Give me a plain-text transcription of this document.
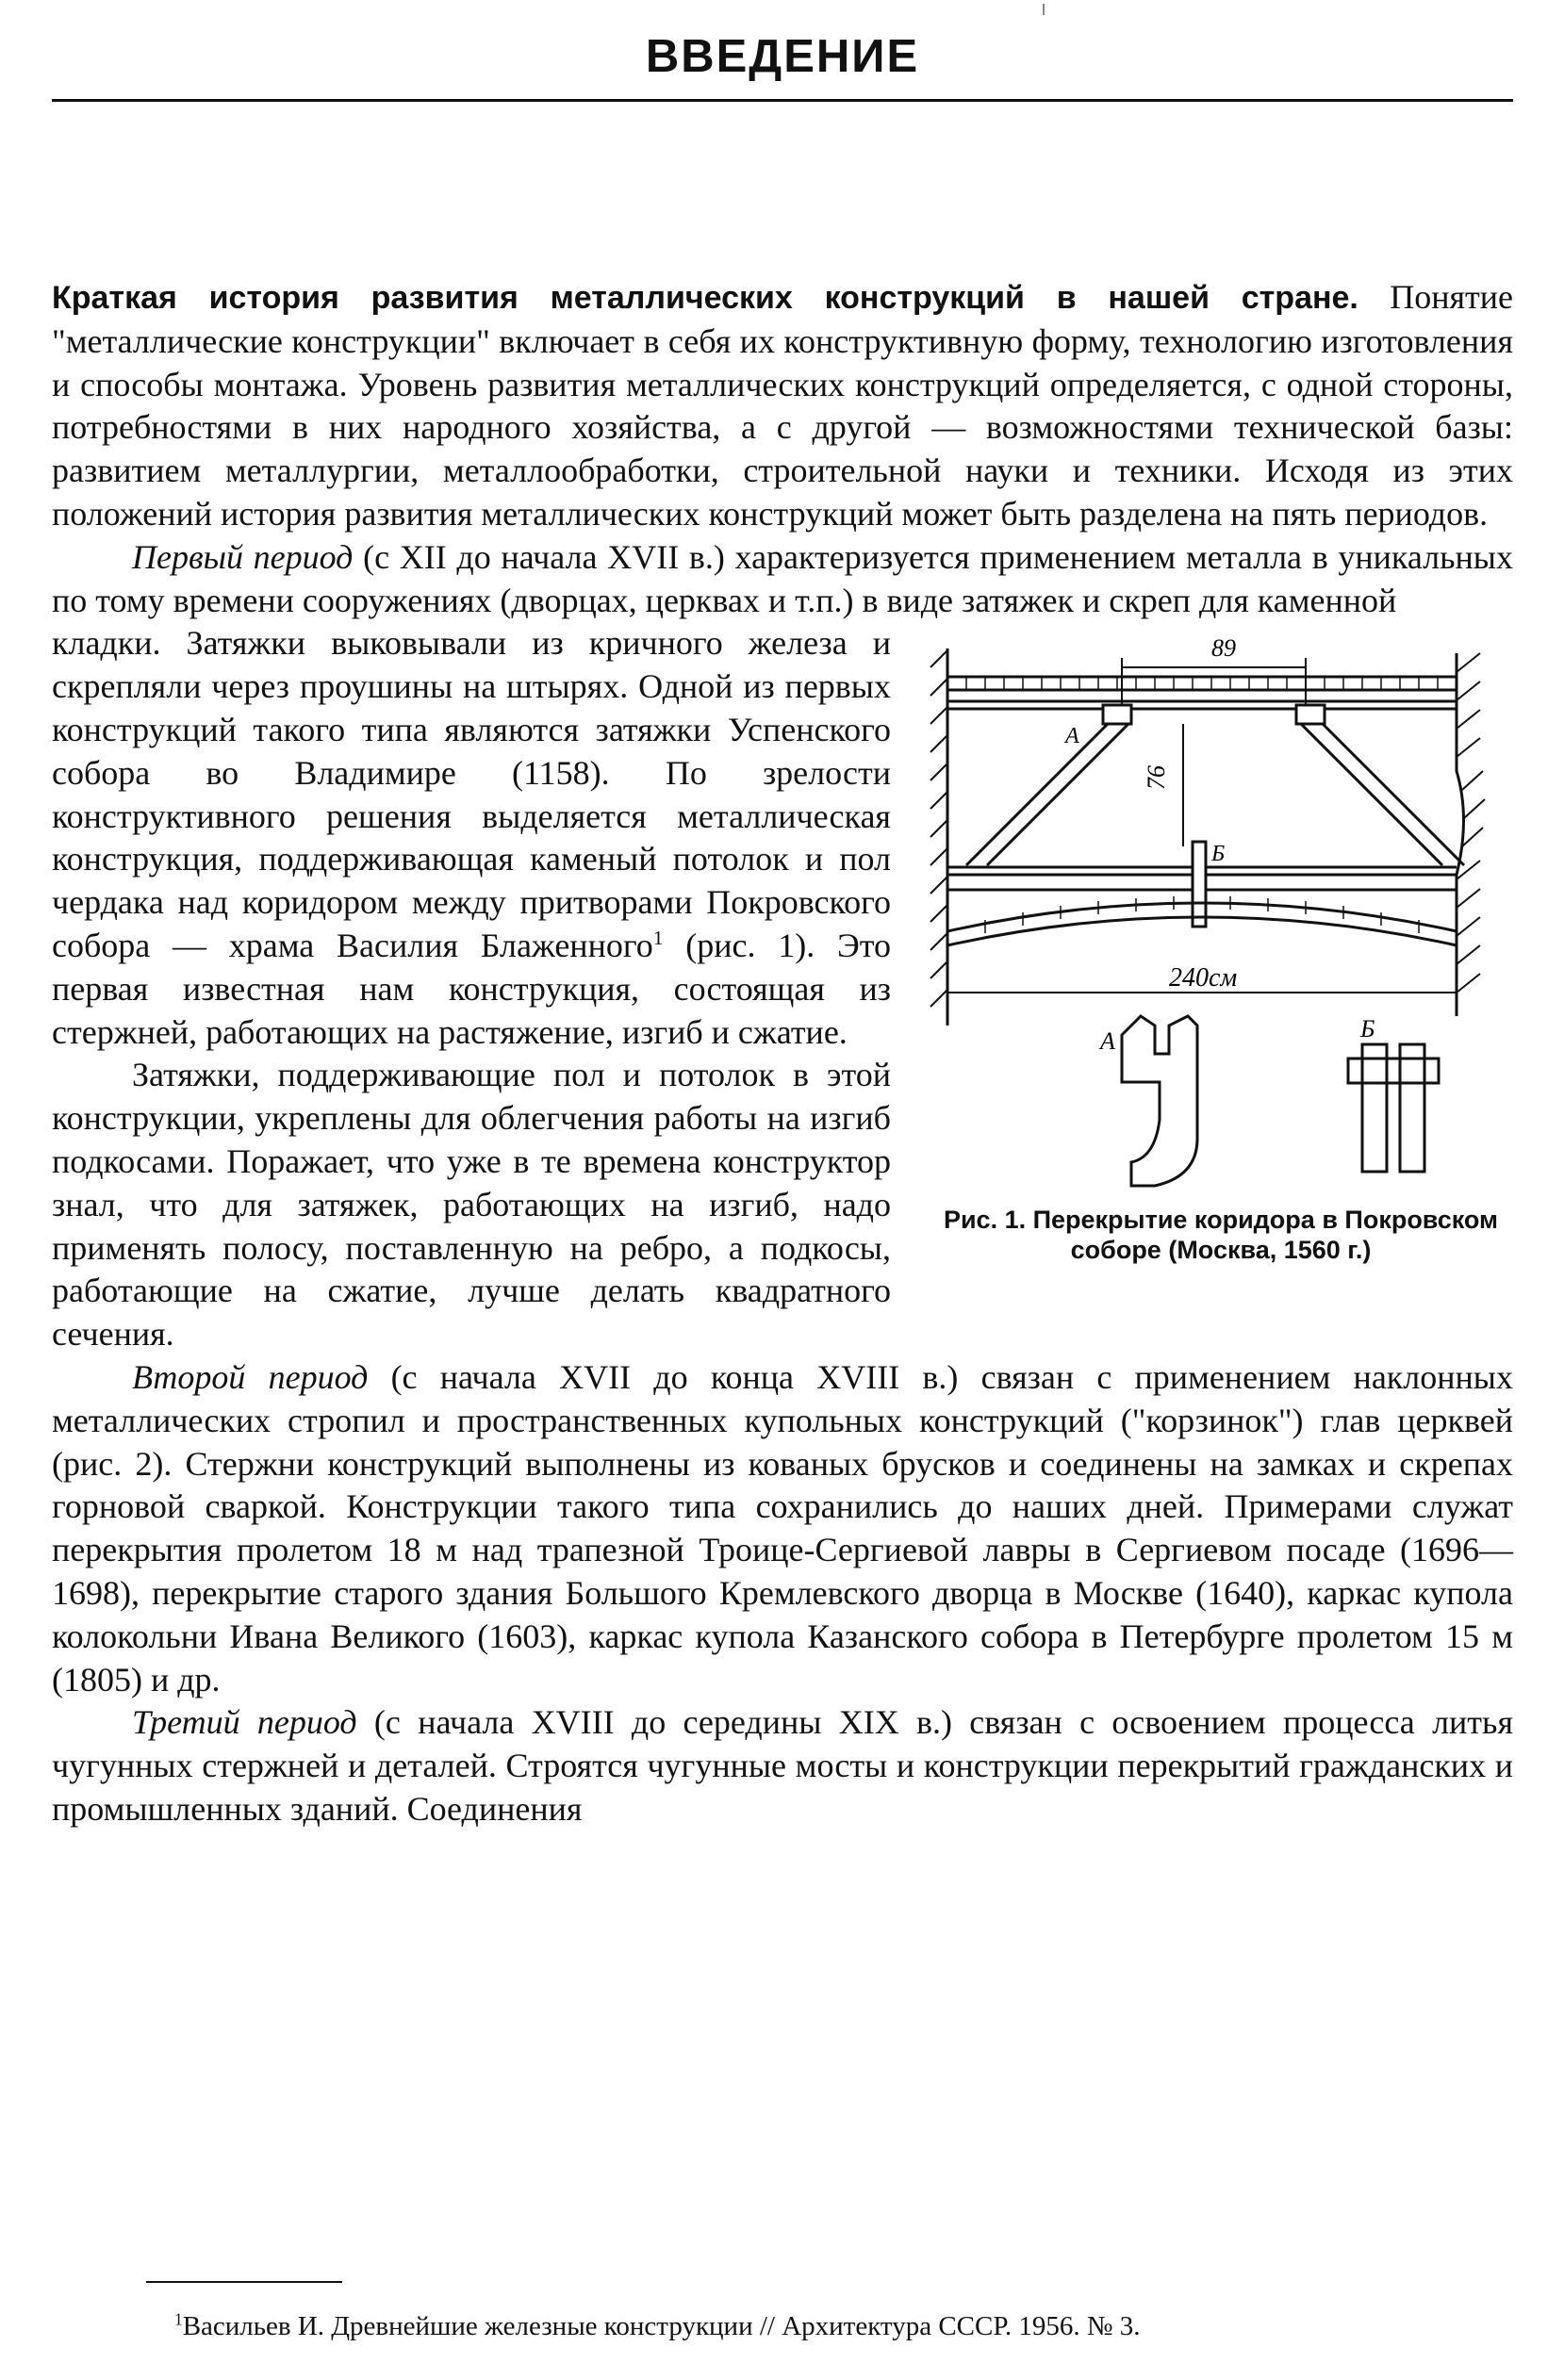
ВВЕДЕНИЕ

Краткая история развития металлических конструкций в нашей стране. Понятие "металлические конструкции" включает в себя их конструктивную форму, технологию изготовления и способы монтажа. Уровень развития металлических конструкций определяется, с одной стороны, потребностями в них народного хозяйства, а с другой — возможностями технической базы: развитием металлургии, металлообработки, строительной науки и техники. Исходя из этих положений история развития металлических конструкций может быть разделена на пять периодов.

Первый период (с XII до начала XVII в.) характеризуется применением металла в уникальных по тому времени сооружениях (дворцах, церквах и т.п.) в виде затяжек и скреп для каменной

89
76
А
Б
240см
А	Б
Рис. 1. Перекрытие коридора в Покровском соборе (Москва, 1560 г.)

кладки. Затяжки выковывали из кричного железа и скрепляли через проушины на штырях. Одной из первых конструкций такого типа являются затяжки Успенского собора во Владимире (1158). По зрелости конструктивного решения выделяется металлическая конструкция, поддерживающая каменый потолок и пол чердака над коридором между притворами Покровского собора — храма Василия Блаженного$^1$ (рис. 1). Это первая известная нам конструкция, состоящая из стержней, работающих на растяжение, изгиб и сжатие.

Затяжки, поддерживающие пол и потолок в этой конструкции, укреплены для облегчения работы на изгиб подкосами. Поражает, что уже в те времена конструктор знал, что для затяжек, работающих на изгиб, надо применять полосу, поставленную на ребро, а подкосы, работающие на сжатие, лучше делать квадратного сечения.

Второй период (с начала XVII до конца XVIII в.) связан с применением наклонных металлических стропил и пространственных купольных конструкций ("корзинок") глав церквей (рис. 2). Стержни конструкций выполнены из кованых брусков и соединены на замках и скрепах горновой сваркой. Конструкции такого типа сохранились до наших дней. Примерами служат перекрытия пролетом 18 м над трапезной Троице-Сергиевой лавры в Сергиевом посаде (1696—1698), перекрытие старого здания Большого Кремлевского дворца в Москве (1640), каркас купола колокольни Ивана Великого (1603), каркас купола Казанского собора в Петербурге пролетом 15 м (1805) и др.

Третий период (с начала XVIII до середины XIX в.) связан с освоением процесса литья чугунных стержней и деталей. Строятся чугунные мосты и конструкции перекрытий гражданских и промышленных зданий. Соединения

$^1$Васильев И. Древнейшие железные конструкции // Архитектура СССР. 1956. № 3.
